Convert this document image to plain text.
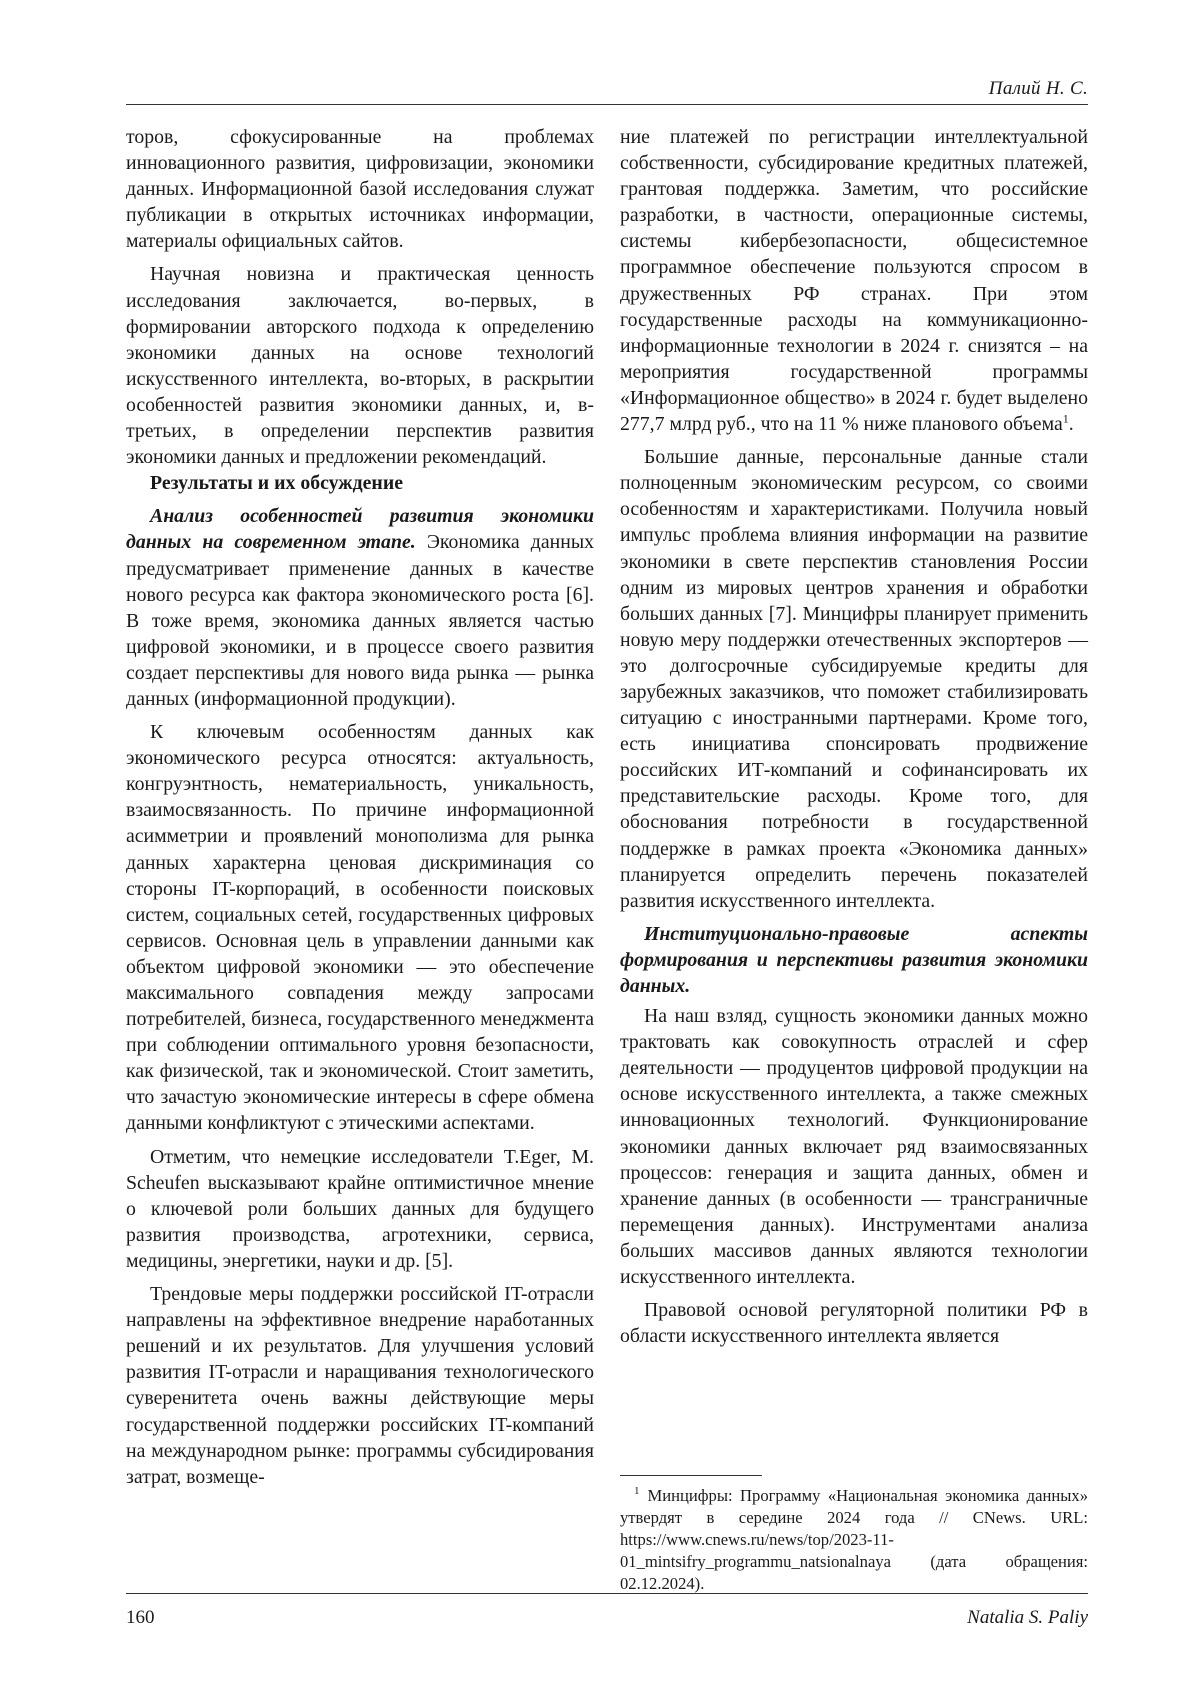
Палий Н. С.

торов, сфокусированные на проблемах инновационного развития, цифровизации, экономики данных. Информационной базой исследования служат публикации в открытых источниках информации, материалы официальных сайтов.

Научная новизна и практическая ценность исследования заключается, во-первых, в формировании авторского подхода к определению экономики данных на основе технологий искусственного интеллекта, во-вторых, в раскрытии особенностей развития экономики данных, и, в-третьих, в определении перспектив развития экономики данных и предложении рекомендаций.

Результаты и их обсуждение

Анализ особенностей развития экономики данных на современном этапе. Экономика данных предусматривает применение данных в качестве нового ресурса как фактора экономического роста [6]. В тоже время, экономика данных является частью цифровой экономики, и в процессе своего развития создает перспективы для нового вида рынка — рынка данных (информационной продукции).

К ключевым особенностям данных как экономического ресурса относятся: актуальность, конгруэнтность, нематериальность, уникальность, взаимосвязанность. По причине информационной асимметрии и проявлений монополизма для рынка данных характерна ценовая дискриминация со стороны IT-корпораций, в особенности поисковых систем, социальных сетей, государственных цифровых сервисов. Основная цель в управлении данными как объектом цифровой экономики — это обеспечение максимального совпадения между запросами потребителей, бизнеса, государственного менеджмента при соблюдении оптимального уровня безопасности, как физической, так и экономической. Стоит заметить, что зачастую экономические интересы в сфере обмена данными конфликтуют с этическими аспектами.

Отметим, что немецкие исследователи T.Eger, M. Scheufen высказывают крайне оптимистичное мнение о ключевой роли больших данных для будущего развития производства, агротехники, сервиса, медицины, энергетики, науки и др. [5].

Трендовые меры поддержки российской IT-отрасли направлены на эффективное внедрение наработанных решений и их результатов. Для улучшения условий развития IT-отрасли и наращивания технологического суверенитета очень важны действующие меры государственной поддержки российских IT-компаний на международном рынке: программы субсидирования затрат, возмеще-

ние платежей по регистрации интеллектуальной собственности, субсидирование кредитных платежей, грантовая поддержка. Заметим, что российские разработки, в частности, операционные системы, системы кибербезопасности, общесистемное программное обеспечение пользуются спросом в дружественных РФ странах. При этом государственные расходы на коммуникационно-информационные технологии в 2024 г. снизятся – на мероприятия государственной программы «Информационное общество» в 2024 г. будет выделено 277,7 млрд руб., что на 11 % ниже планового объема$^1$.

Большие данные, персональные данные стали полноценным экономическим ресурсом, со своими особенностям и характеристиками. Получила новый импульс проблема влияния информации на развитие экономики в свете перспектив становления России одним из мировых центров хранения и обработки больших данных [7]. Минцифры планирует применить новую меру поддержки отечественных экспортеров — это долгосрочные субсидируемые кредиты для зарубежных заказчиков, что поможет стабилизировать ситуацию с иностранными партнерами. Кроме того, есть инициатива спонсировать продвижение российских ИТ-компаний и софинансировать их представительские расходы. Кроме того, для обоснования потребности в государственной поддержке в рамках проекта «Экономика данных» планируется определить перечень показателей развития искусственного интеллекта.

Институционально-правовые аспекты формирования и перспективы развития экономики данных.

На наш взляд, сущность экономики данных можно трактовать как совокупность отраслей и сфер деятельности — продуцентов цифровой продукции на основе искусственного интеллекта, а также смежных инновационных технологий. Функционирование экономики данных включает ряд взаимосвязанных процессов: генерация и защита данных, обмен и хранение данных (в особенности — трансграничные перемещения данных). Инструментами анализа больших массивов данных являются технологии искусственного интеллекта.

Правовой основой регуляторной политики РФ в области искусственного интеллекта является

$^1$ Минцифры: Программу «Национальная экономика данных» утвердят в середине 2024 года // CNews. URL: https://www.cnews.ru/news/top/2023-11-01_mintsifry_programmu_natsionalnaya (дата обращения: 02.12.2024).
160	Natalia S. Paliy
